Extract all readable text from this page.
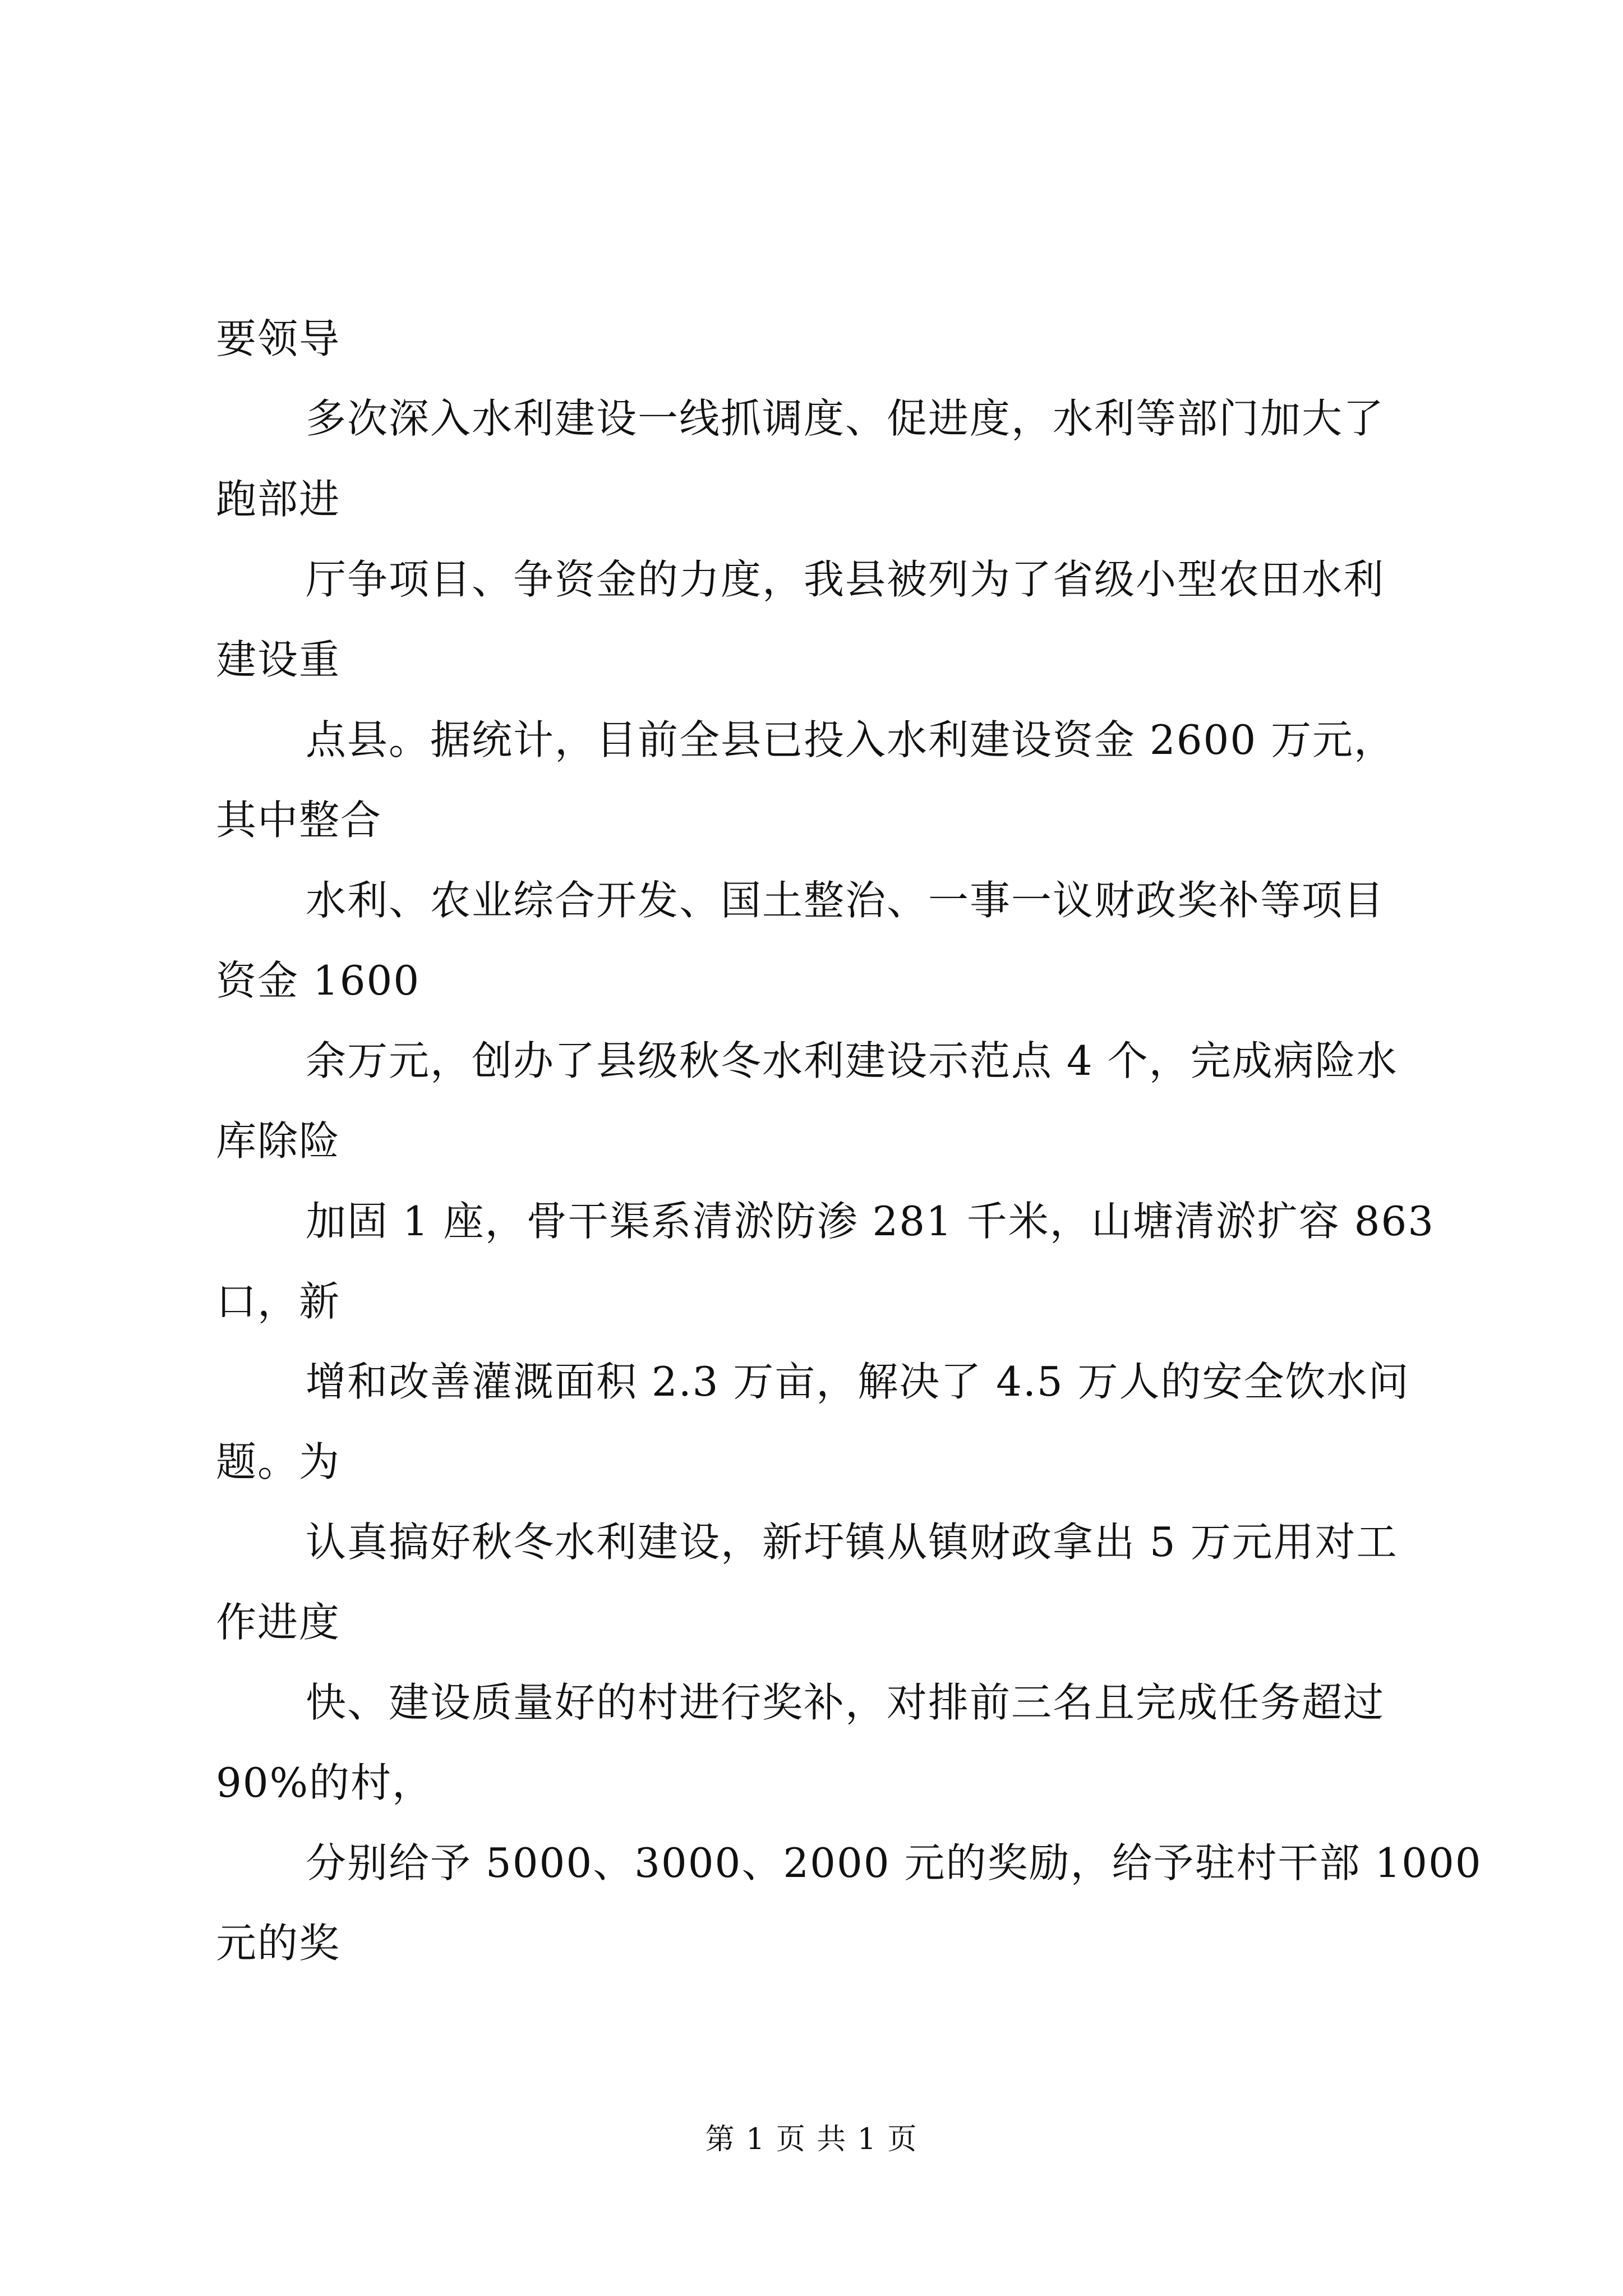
要领导
多次深入水利建设一线抓调度、促进度，水利等部门加大了
跑部进
厅争项目、争资金的力度，我县被列为了省级小型农田水利
建设重
点县。据统计，目前全县已投入水利建设资金 2600 万元，
其中整合
水利、农业综合开发、国土整治、一事一议财政奖补等项目
资金 1600
余万元，创办了县级秋冬水利建设示范点 4 个，完成病险水
库除险
加固 1 座，骨干渠系清淤防渗 281 千米，山塘清淤扩容 863
口，新
增和改善灌溉面积 2.3 万亩，解决了 4.5 万人的安全饮水问
题。为
认真搞好秋冬水利建设，新圩镇从镇财政拿出 5 万元用对工
作进度
快、建设质量好的村进行奖补，对排前三名且完成任务超过
90%的村，
分别给予 5000、3000、2000 元的奖励，给予驻村干部 1000
元的奖
第 1 页 共 1 页
